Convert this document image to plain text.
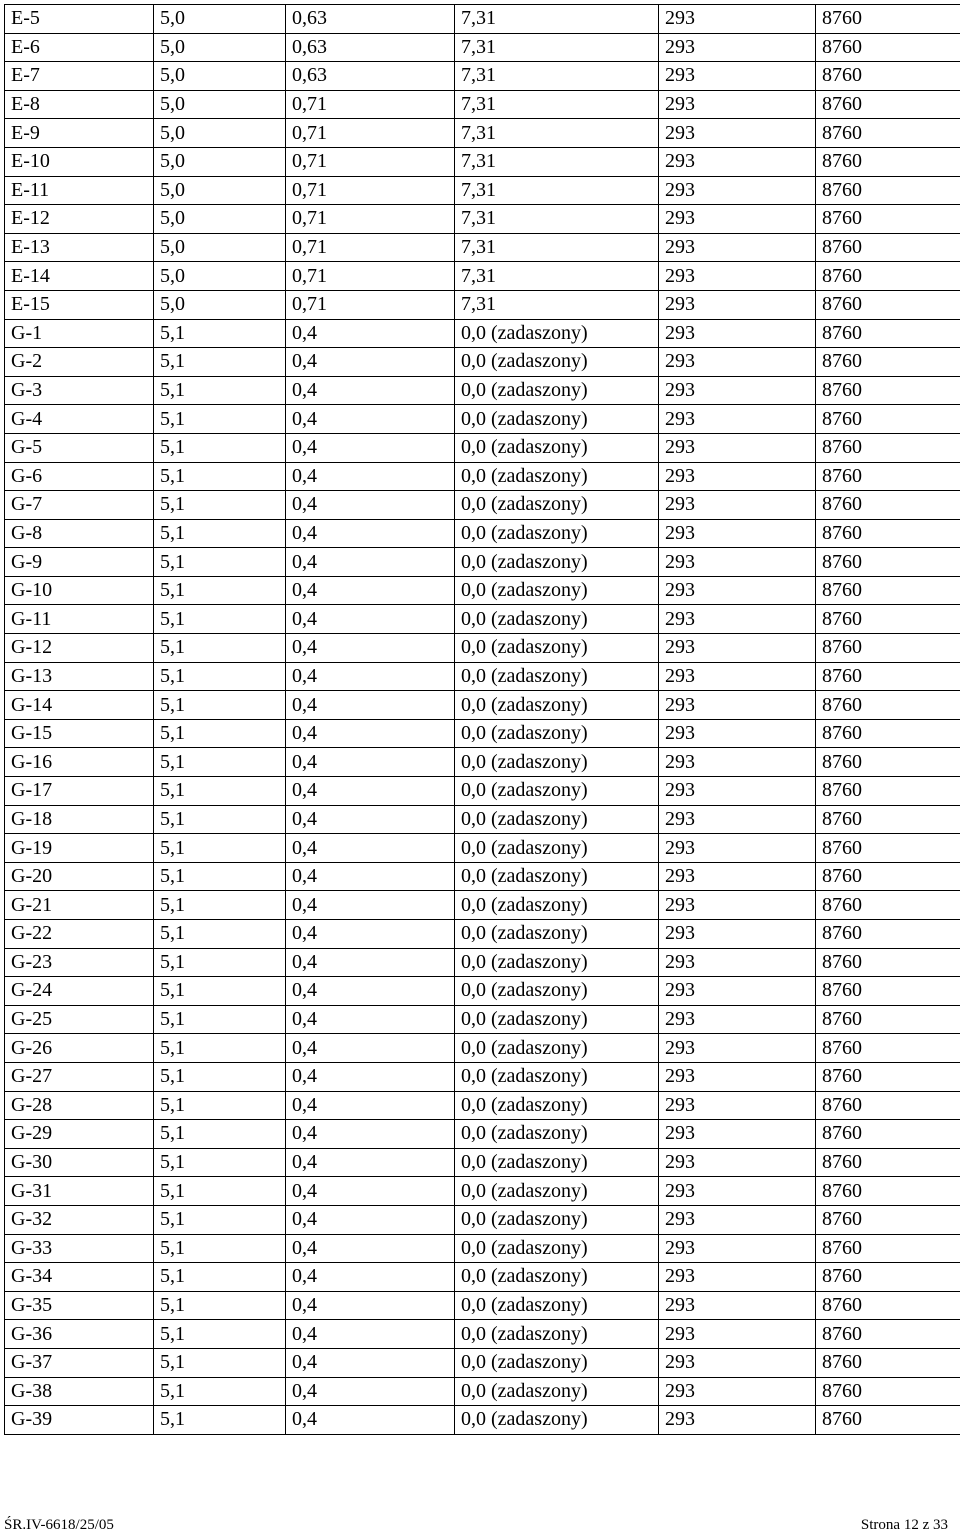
E-5	5,0	0,63	7,31	293	8760
E-6	5,0	0,63	7,31	293	8760
E-7	5,0	0,63	7,31	293	8760
E-8	5,0	0,71	7,31	293	8760
E-9	5,0	0,71	7,31	293	8760
E-10	5,0	0,71	7,31	293	8760
E-11	5,0	0,71	7,31	293	8760
E-12	5,0	0,71	7,31	293	8760
E-13	5,0	0,71	7,31	293	8760
E-14	5,0	0,71	7,31	293	8760
E-15	5,0	0,71	7,31	293	8760
G-1	5,1	0,4	0,0 (zadaszony)	293	8760
G-2	5,1	0,4	0,0 (zadaszony)	293	8760
G-3	5,1	0,4	0,0 (zadaszony)	293	8760
G-4	5,1	0,4	0,0 (zadaszony)	293	8760
G-5	5,1	0,4	0,0 (zadaszony)	293	8760
G-6	5,1	0,4	0,0 (zadaszony)	293	8760
G-7	5,1	0,4	0,0 (zadaszony)	293	8760
G-8	5,1	0,4	0,0 (zadaszony)	293	8760
G-9	5,1	0,4	0,0 (zadaszony)	293	8760
G-10	5,1	0,4	0,0 (zadaszony)	293	8760
G-11	5,1	0,4	0,0 (zadaszony)	293	8760
G-12	5,1	0,4	0,0 (zadaszony)	293	8760
G-13	5,1	0,4	0,0 (zadaszony)	293	8760
G-14	5,1	0,4	0,0 (zadaszony)	293	8760
G-15	5,1	0,4	0,0 (zadaszony)	293	8760
G-16	5,1	0,4	0,0 (zadaszony)	293	8760
G-17	5,1	0,4	0,0 (zadaszony)	293	8760
G-18	5,1	0,4	0,0 (zadaszony)	293	8760
G-19	5,1	0,4	0,0 (zadaszony)	293	8760
G-20	5,1	0,4	0,0 (zadaszony)	293	8760
G-21	5,1	0,4	0,0 (zadaszony)	293	8760
G-22	5,1	0,4	0,0 (zadaszony)	293	8760
G-23	5,1	0,4	0,0 (zadaszony)	293	8760
G-24	5,1	0,4	0,0 (zadaszony)	293	8760
G-25	5,1	0,4	0,0 (zadaszony)	293	8760
G-26	5,1	0,4	0,0 (zadaszony)	293	8760
G-27	5,1	0,4	0,0 (zadaszony)	293	8760
G-28	5,1	0,4	0,0 (zadaszony)	293	8760
G-29	5,1	0,4	0,0 (zadaszony)	293	8760
G-30	5,1	0,4	0,0 (zadaszony)	293	8760
G-31	5,1	0,4	0,0 (zadaszony)	293	8760
G-32	5,1	0,4	0,0 (zadaszony)	293	8760
G-33	5,1	0,4	0,0 (zadaszony)	293	8760
G-34	5,1	0,4	0,0 (zadaszony)	293	8760
G-35	5,1	0,4	0,0 (zadaszony)	293	8760
G-36	5,1	0,4	0,0 (zadaszony)	293	8760
G-37	5,1	0,4	0,0 (zadaszony)	293	8760
G-38	5,1	0,4	0,0 (zadaszony)	293	8760
G-39	5,1	0,4	0,0 (zadaszony)	293	8760
ŚR.IV-6618/25/05	Strona 12 z 33
